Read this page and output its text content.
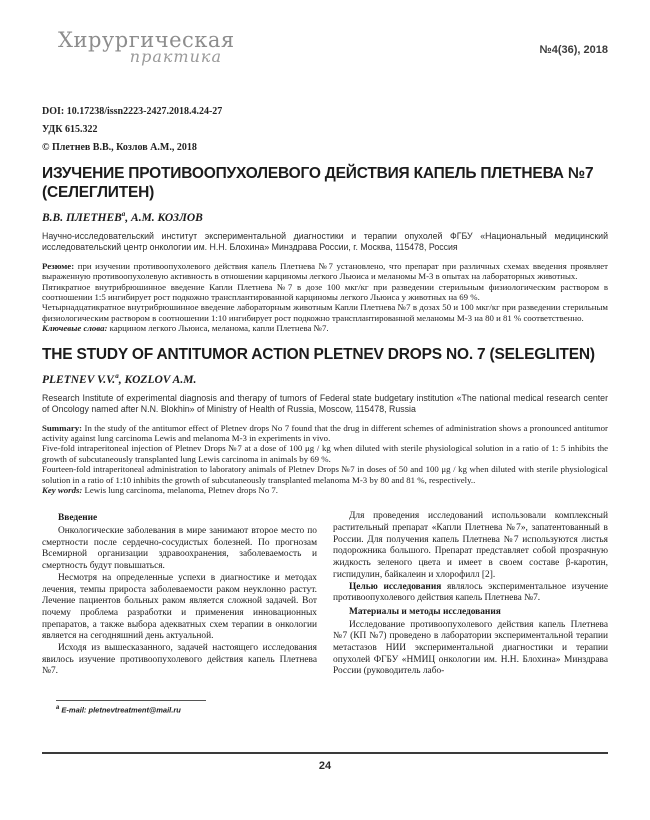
Хирургическая
практика	№4(36), 2018
DOI: 10.17238/issn2223-2427.2018.4.24-27
УДК 615.322
© Плетнев В.В., Козлов А.М., 2018
ИЗУЧЕНИЕ ПРОТИВООПУХОЛЕВОГО ДЕЙСТВИЯ КАПЕЛЬ ПЛЕТНЕВА №7 (СЕЛЕГЛИТЕН)
В.В. $ПЛЕТНЕВ^а$, А.М. КОЗЛОВ
Научно-исследовательский институт экспериментальной диагностики и терапии опухолей ФГБУ «Национальный медицинский исследовательский центр онкологии им. Н.Н. Блохина» Минздрава России, г. Москва, 115478, Россия

Резюме: при изучении противоопухолевого действия капель Плетнева №7 установлено, что препарат при различных схемах введения проявляет выраженную противоопухолевую активность в отношении карциномы легкого Льюиса и меланомы М-3 в опытах на лабораторных животных.

Пятикратное внутрибрюшинное введение Капли Плетнева №7 в дозе 100 мкг/кг при разведении стерильным физиологическим раствором в соотношении 1:5 ингибирует рост подкожно трансплантированной карциномы легкого Льюиса у животных на 69 %.

Четырнадцатикратное внутрибрюшинное введение лабораторным животным Капли Плетнева №7 в дозах 50 и 100 мкг/кг при разведении стерильным физиологическим раствором в соотношении 1:10 ингибирует рост подкожно трансплантированной меланомы М-3 на 80 и 81 % соответственно.

Ключевые слова: карцином легкого Льюиса, меланома, капли Плетнева №7.

THE STUDY OF ANTITUMOR ACTION PLETNEV DROPS NO. 7 (SELEGLITEN)
PLETNEV V.V.$^a$, KOZLOV A.M.
Research Institute of experimental diagnosis and therapy of tumors of Federal state budgetary institution «The national medical research center of Oncology named after N.N. Blokhin» of Ministry of Health of Russia, Moscow, 115478, Russia

Summary: In the study of the antitumor effect of Pletnev drops No 7 found that the drug in different schemes of administration shows a pronounced antitumor activity against lung carcinoma Lewis and melanoma M-3 in experiments in vivo.

Five-fold intraperitoneal injection of Pletnev Drops №7 at a dose of 100 μg / kg when diluted with sterile physiological solution in a ratio of 1: 5 inhibits the growth of subcutaneously transplanted lung Lewis carcinoma in animals by 69 %.

Fourteen-fold intraperitoneal administration to laboratory animals of Pletnev Drops №7 in doses of 50 and 100 μg / kg when diluted with sterile physiological solution in a ratio of 1:10 inhibits the growth of subcutaneously transplanted melanoma M-3 by 80 and 81 %, respectively..

Key words: Lewis lung carcinoma, melanoma, Pletnev drops No 7.

Введение

Онкологические заболевания в мире занимают второе место по смертности после сердечно-сосудистых болезней. По прогнозам Всемирной организации здравоохранения, заболеваемость и смертность будут повышаться.

Несмотря на определенные успехи в диагностике и методах лечения, темпы прироста заболеваемости раком неуклонно растут. Лечение пациентов больных раком является сложной задачей. Вот почему проблема разработки и применения инновационных препаратов, а также выбора адекватных схем терапии в онкологии является на сегодняшний день актуальной.

Исходя из вышесказанного, задачей настоящего исследования явилось изучение противоопухолевого действия капель Плетнева №7.

$^a$ E-mail: pletnevtreatment@mail.ru

Для проведения исследований использовали комплексный растительный препарат «Капли Плетнева №7», запатентованный в России. Для получения капель Плетнева №7 используются листья подорожника большого. Препарат представляет собой прозрачную жидкость зеленого цвета и имеет в своем составе β-каротин, гиспидулин, байкалеин и хлорофилл [2].

Целью исследования являлось экспериментальное изучение противоопухолевого действия капель Плетнева №7.

Материалы и методы исследования

Исследование противоопухолевого действия капель Плетнева №7 (КП №7) проведено в лаборатории экспериментальной терапии метастазов НИИ экспериментальной диагностики и терапии опухолей ФГБУ «НМИЦ онкологии им. Н.Н. Блохина» Минздрава России (руководитель лабо-

24
